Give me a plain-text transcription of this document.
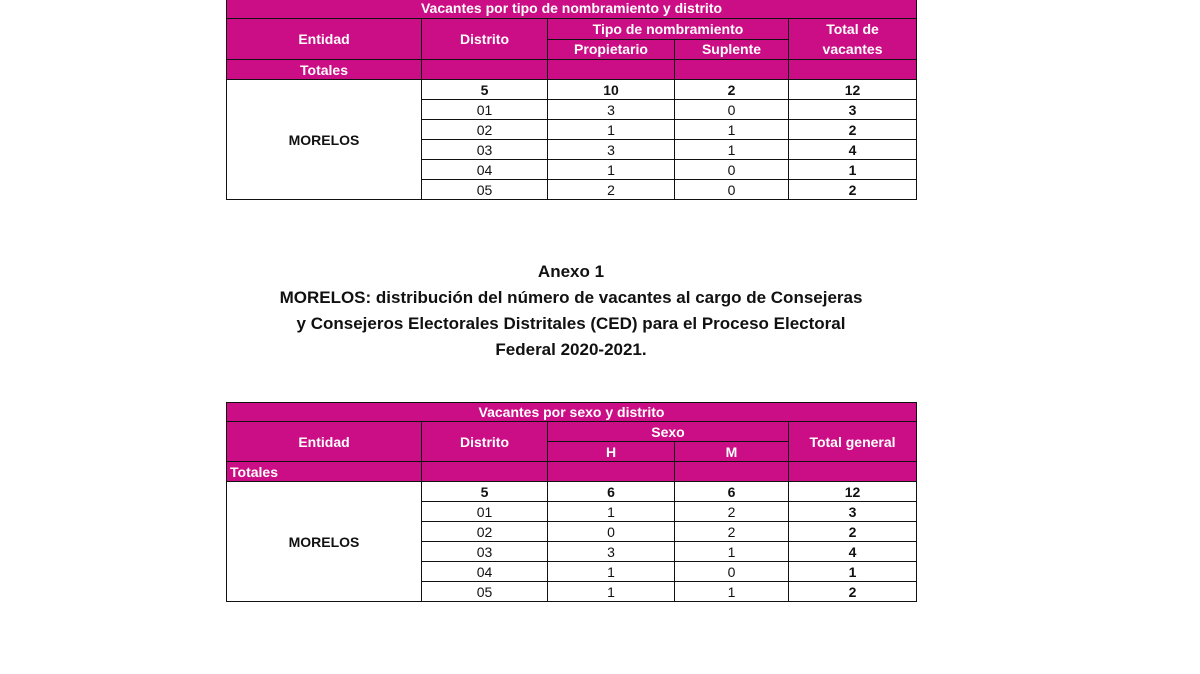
Vacantes por tipo de nombramiento y distrito				
Entidad	Distrito	Tipo de nombramiento		Total de
vacantes
		Propietario	Suplente	
Totales				
MORELOS	5	10	2	12
	01	3	0	3
	02	1	1	2
	03	3	1	4
	04	1	0	1
	05	2	0	2
Anexo 1
MORELOS: distribución del número de vacantes al cargo de Consejeras
y Consejeros Electorales Distritales (CED) para el Proceso Electoral
Federal 2020-2021.
Vacantes por sexo y distrito				
Entidad	Distrito	Sexo		Total general
		H	M	
Totales				
MORELOS	5	6	6	12
	01	1	2	3
	02	0	2	2
	03	3	1	4
	04	1	0	1
	05	1	1	2
